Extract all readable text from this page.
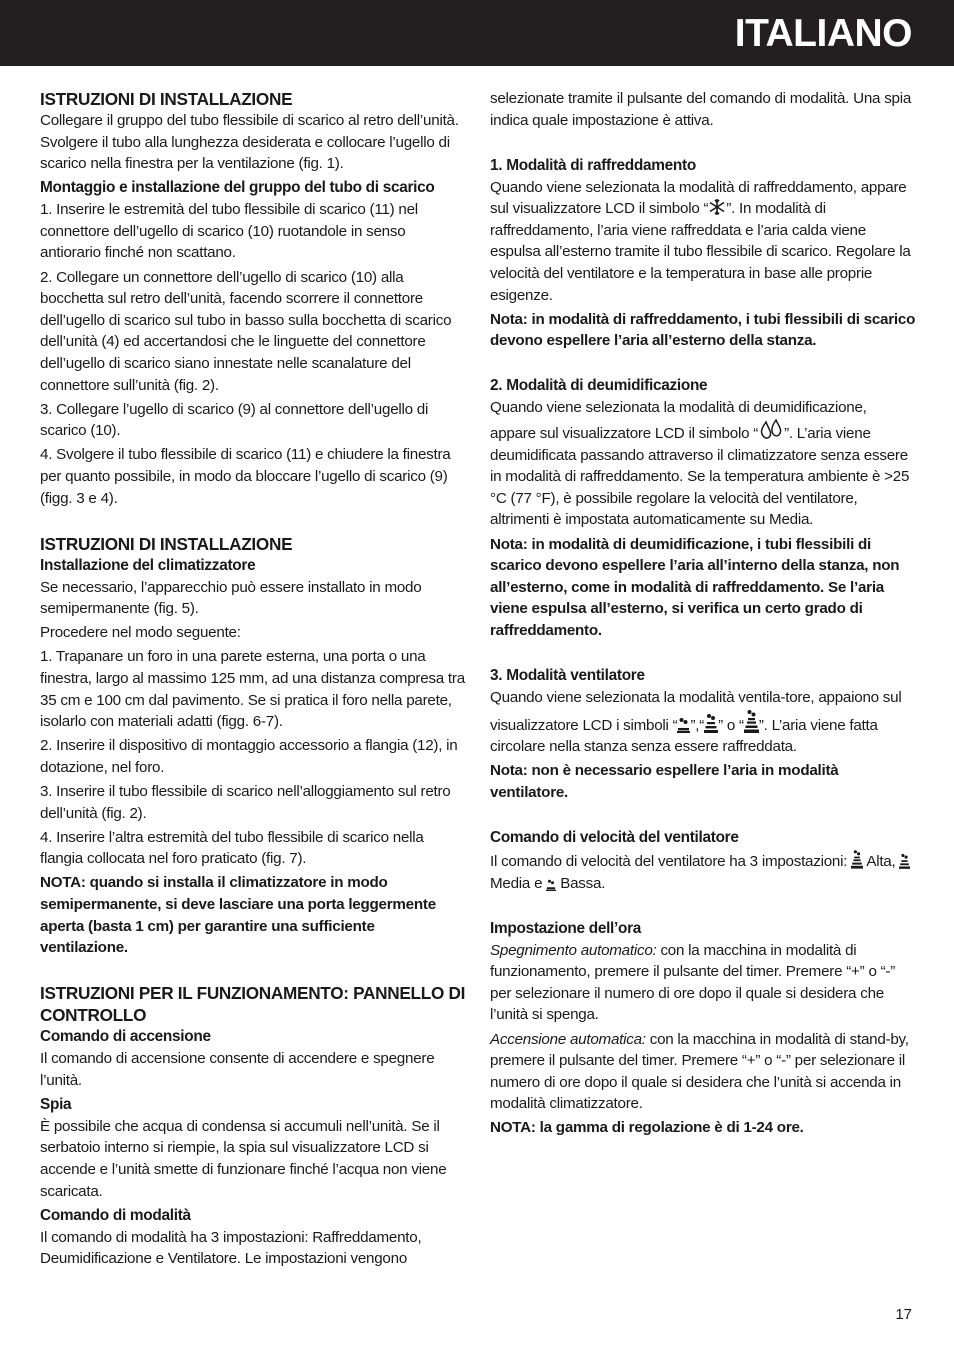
ITALIANO
ISTRUZIONI DI INSTALLAZIONE

Collegare il gruppo del tubo flessibile di scarico al retro dell’unità. Svolgere il tubo alla lunghezza desiderata e collocare l’ugello di scarico nella finestra per la ventilazione (fig. 1).

Montaggio e installazione del gruppo del tubo di scarico

1. Inserire le estremità del tubo flessibile di scarico (11) nel connettore dell’ugello di scarico (10) ruotandole in senso antiorario finché non scattano.

2. Collegare un connettore dell’ugello di scarico (10) alla bocchetta sul retro dell’unità, facendo scorrere il connettore dell’ugello di scarico sul tubo in basso sulla bocchetta di scarico dell’unità (4) ed accertandosi che le linguette del connettore dell’ugello di scarico siano innestate nelle scanalature del connettore sull’unità (fig. 2).

3. Collegare l’ugello di scarico (9) al connettore dell’ugello di scarico (10).

4. Svolgere il tubo flessibile di scarico (11) e chiudere la finestra per quanto possibile, in modo da bloccare l’ugello di scarico (9) (figg. 3 e 4).

ISTRUZIONI DI INSTALLAZIONE
Installazione del climatizzatore

Se necessario, l’apparecchio può essere installato in modo semipermanente (fig. 5).

Procedere nel modo seguente:

1. Trapanare un foro in una parete esterna, una porta o una finestra, largo al massimo 125 mm, ad una distanza compresa tra 35 cm e 100 cm dal pavimento. Se si pratica il foro nella parete, isolarlo con materiali adatti (figg. 6-7).

2. Inserire il dispositivo di montaggio accessorio a flangia (12), in dotazione, nel foro.

3. Inserire il tubo flessibile di scarico nell’alloggiamento sul retro dell’unità (fig. 2).

4. Inserire l’altra estremità del tubo flessibile di scarico nella flangia collocata nel foro praticato (fig. 7).

NOTA: quando si installa il climatizzatore in modo semipermanente, si deve lasciare una porta leggermente aperta (basta 1 cm) per garantire una sufficiente ventilazione.

ISTRUZIONI PER IL FUNZIONAMENTO: PANNELLO DI CONTROLLO
Comando di accensione

Il comando di accensione consente di accendere e spegnere l’unità.

Spia

È possibile che acqua di condensa si accumuli nell’unità. Se il serbatoio interno si riempie, la spia sul visualizzatore LCD si accende e l’unità smette di funzionare finché l’acqua non viene scaricata.

Comando di modalità

Il comando di modalità ha 3 impostazioni: Raffreddamento, Deumidificazione e Ventilatore. Le impostazioni vengono

selezionate tramite il pulsante del comando di modalità. Una spia indica quale impostazione è attiva.

1. Modalità di raffreddamento

Quando viene selezionata la modalità di raffreddamento, appare sul visualizzatore LCD il simbolo “ ”. In modalità di raffreddamento, l’aria viene raffreddata e l’aria calda viene espulsa all’esterno tramite il tubo flessibile di scarico. Regolare la velocità del ventilatore e la temperatura in base alle proprie esigenze.

Nota: in modalità di raffreddamento, i tubi flessibili di scarico devono espellere l’aria all’esterno della stanza.

2. Modalità di deumidificazione

Quando viene selezionata la modalità di deumidificazione, appare sul visualizzatore LCD il simbolo “ ”. L’aria viene deumidificata passando attraverso il climatizzatore senza essere in modalità di raffreddamento. Se la temperatura ambiente è >25 °C (77 °F), è possibile regolare la velocità del ventilatore, altrimenti è impostata automaticamente su Media.

Nota: in modalità di deumidificazione, i tubi flessibili di scarico devono espellere l’aria all’interno della stanza, non all’esterno, come in modalità di raffreddamento. Se l’aria viene espulsa all’esterno, si verifica un certo grado di raffreddamento.

3. Modalità ventilatore

Quando viene selezionata la modalità ventila-tore, appaiono sul visualizzatore LCD i simboli “ ”,“ ” o “ ”. L’aria viene fatta circolare nella stanza senza essere raffreddata.

Nota: non è necessario espellere l’aria in modalità ventilatore.

Comando di velocità del ventilatore

Il comando di velocità del ventilatore ha 3 impostazioni:  Alta,  Media e  Bassa.

Impostazione dell’ora

Spegnimento automatico: con la macchina in modalità di funzionamento, premere il pulsante del timer. Premere “+” o “-” per selezionare il numero di ore dopo il quale si desidera che l’unità si spenga.

Accensione automatica: con la macchina in modalità di stand-by, premere il pulsante del timer. Premere “+” o “-” per selezionare il numero di ore dopo il quale si desidera che l’unità si accenda in modalità climatizzatore.

NOTA: la gamma di regolazione è di 1-24 ore.

17
